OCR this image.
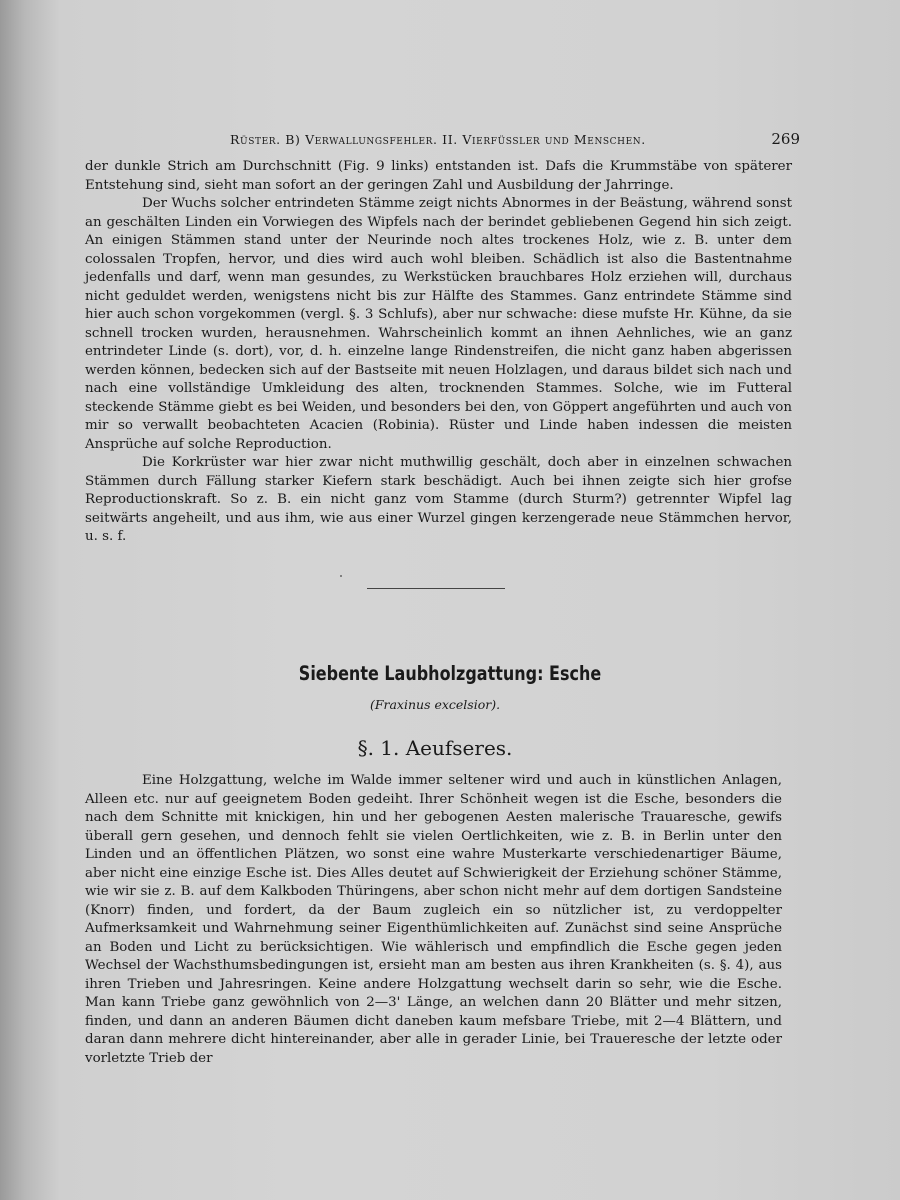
Rüster. B) Verwallungsfehler. II. Vierfüssler und Menschen.	269

der dunkle Strich am Durchschnitt (Fig. 9 links) entstanden ist. Dafs die Krummstäbe von späterer Entstehung sind, sieht man sofort an der geringen Zahl und Ausbildung der Jahrringe.

Der Wuchs solcher entrindeten Stämme zeigt nichts Abnormes in der Beästung, während sonst an geschälten Linden ein Vorwiegen des Wipfels nach der berindet gebliebenen Gegend hin sich zeigt. An einigen Stämmen stand unter der Neurinde noch altes trockenes Holz, wie z. B. unter dem colossalen Tropfen, hervor, und dies wird auch wohl bleiben. Schädlich ist also die Bastentnahme jedenfalls und darf, wenn man gesundes, zu Werkstücken brauchbares Holz erziehen will, durchaus nicht geduldet werden, wenigstens nicht bis zur Hälfte des Stammes. Ganz entrindete Stämme sind hier auch schon vorgekommen (vergl. §. 3 Schlufs), aber nur schwache: diese mufste Hr. Kühne, da sie schnell trocken wurden, herausnehmen. Wahrscheinlich kommt an ihnen Aehnliches, wie an ganz entrindeter Linde (s. dort), vor, d. h. einzelne lange Rindenstreifen, die nicht ganz haben abgerissen werden können, bedecken sich auf der Bastseite mit neuen Holzlagen, und daraus bildet sich nach und nach eine vollständige Umkleidung des alten, trocknenden Stammes. Solche, wie im Futteral steckende Stämme giebt es bei Weiden, und besonders bei den, von Göppert angeführten und auch von mir so verwallt beobachteten Acacien (Robinia). Rüster und Linde haben indessen die meisten Ansprüche auf solche Reproduction.

Die Korkrüster war hier zwar nicht muthwillig geschält, doch aber in einzelnen schwachen Stämmen durch Fällung starker Kiefern stark beschädigt. Auch bei ihnen zeigte sich hier grofse Reproductionskraft. So z. B. ein nicht ganz vom Stamme (durch Sturm?) getrennter Wipfel lag seitwärts angeheilt, und aus ihm, wie aus einer Wurzel gingen kerzengerade neue Stämmchen hervor, u. s. f.

Siebente Laubholzgattung: Esche
(Fraxinus excelsior).
§. 1. Aeufseres.

Eine Holzgattung, welche im Walde immer seltener wird und auch in künstlichen Anlagen, Alleen etc. nur auf geeignetem Boden gedeiht. Ihrer Schönheit wegen ist die Esche, besonders die nach dem Schnitte mit knickigen, hin und her gebogenen Aesten malerische Trauaresche, gewifs überall gern gesehen, und dennoch fehlt sie vielen Oertlichkeiten, wie z. B. in Berlin unter den Linden und an öffentlichen Plätzen, wo sonst eine wahre Musterkarte verschiedenartiger Bäume, aber nicht eine einzige Esche ist. Dies Alles deutet auf Schwierigkeit der Erziehung schöner Stämme, wie wir sie z. B. auf dem Kalkboden Thüringens, aber schon nicht mehr auf dem dortigen Sandsteine (Knorr) finden, und fordert, da der Baum zugleich ein so nützlicher ist, zu verdoppelter Aufmerksamkeit und Wahrnehmung seiner Eigenthümlichkeiten auf. Zunächst sind seine Ansprüche an Boden und Licht zu berücksichtigen. Wie wählerisch und empfindlich die Esche gegen jeden Wechsel der Wachsthumsbedingungen ist, ersieht man am besten aus ihren Krankheiten (s. §. 4), aus ihren Trieben und Jahresringen. Keine andere Holzgattung wechselt darin so sehr, wie die Esche. Man kann Triebe ganz gewöhnlich von 2—3' Länge, an welchen dann 20 Blätter und mehr sitzen, finden, und dann an anderen Bäumen dicht daneben kaum mefsbare Triebe, mit 2—4 Blättern, und daran dann mehrere dicht hintereinander, aber alle in gerader Linie, bei Traueresche der letzte oder vorletzte Trieb der
